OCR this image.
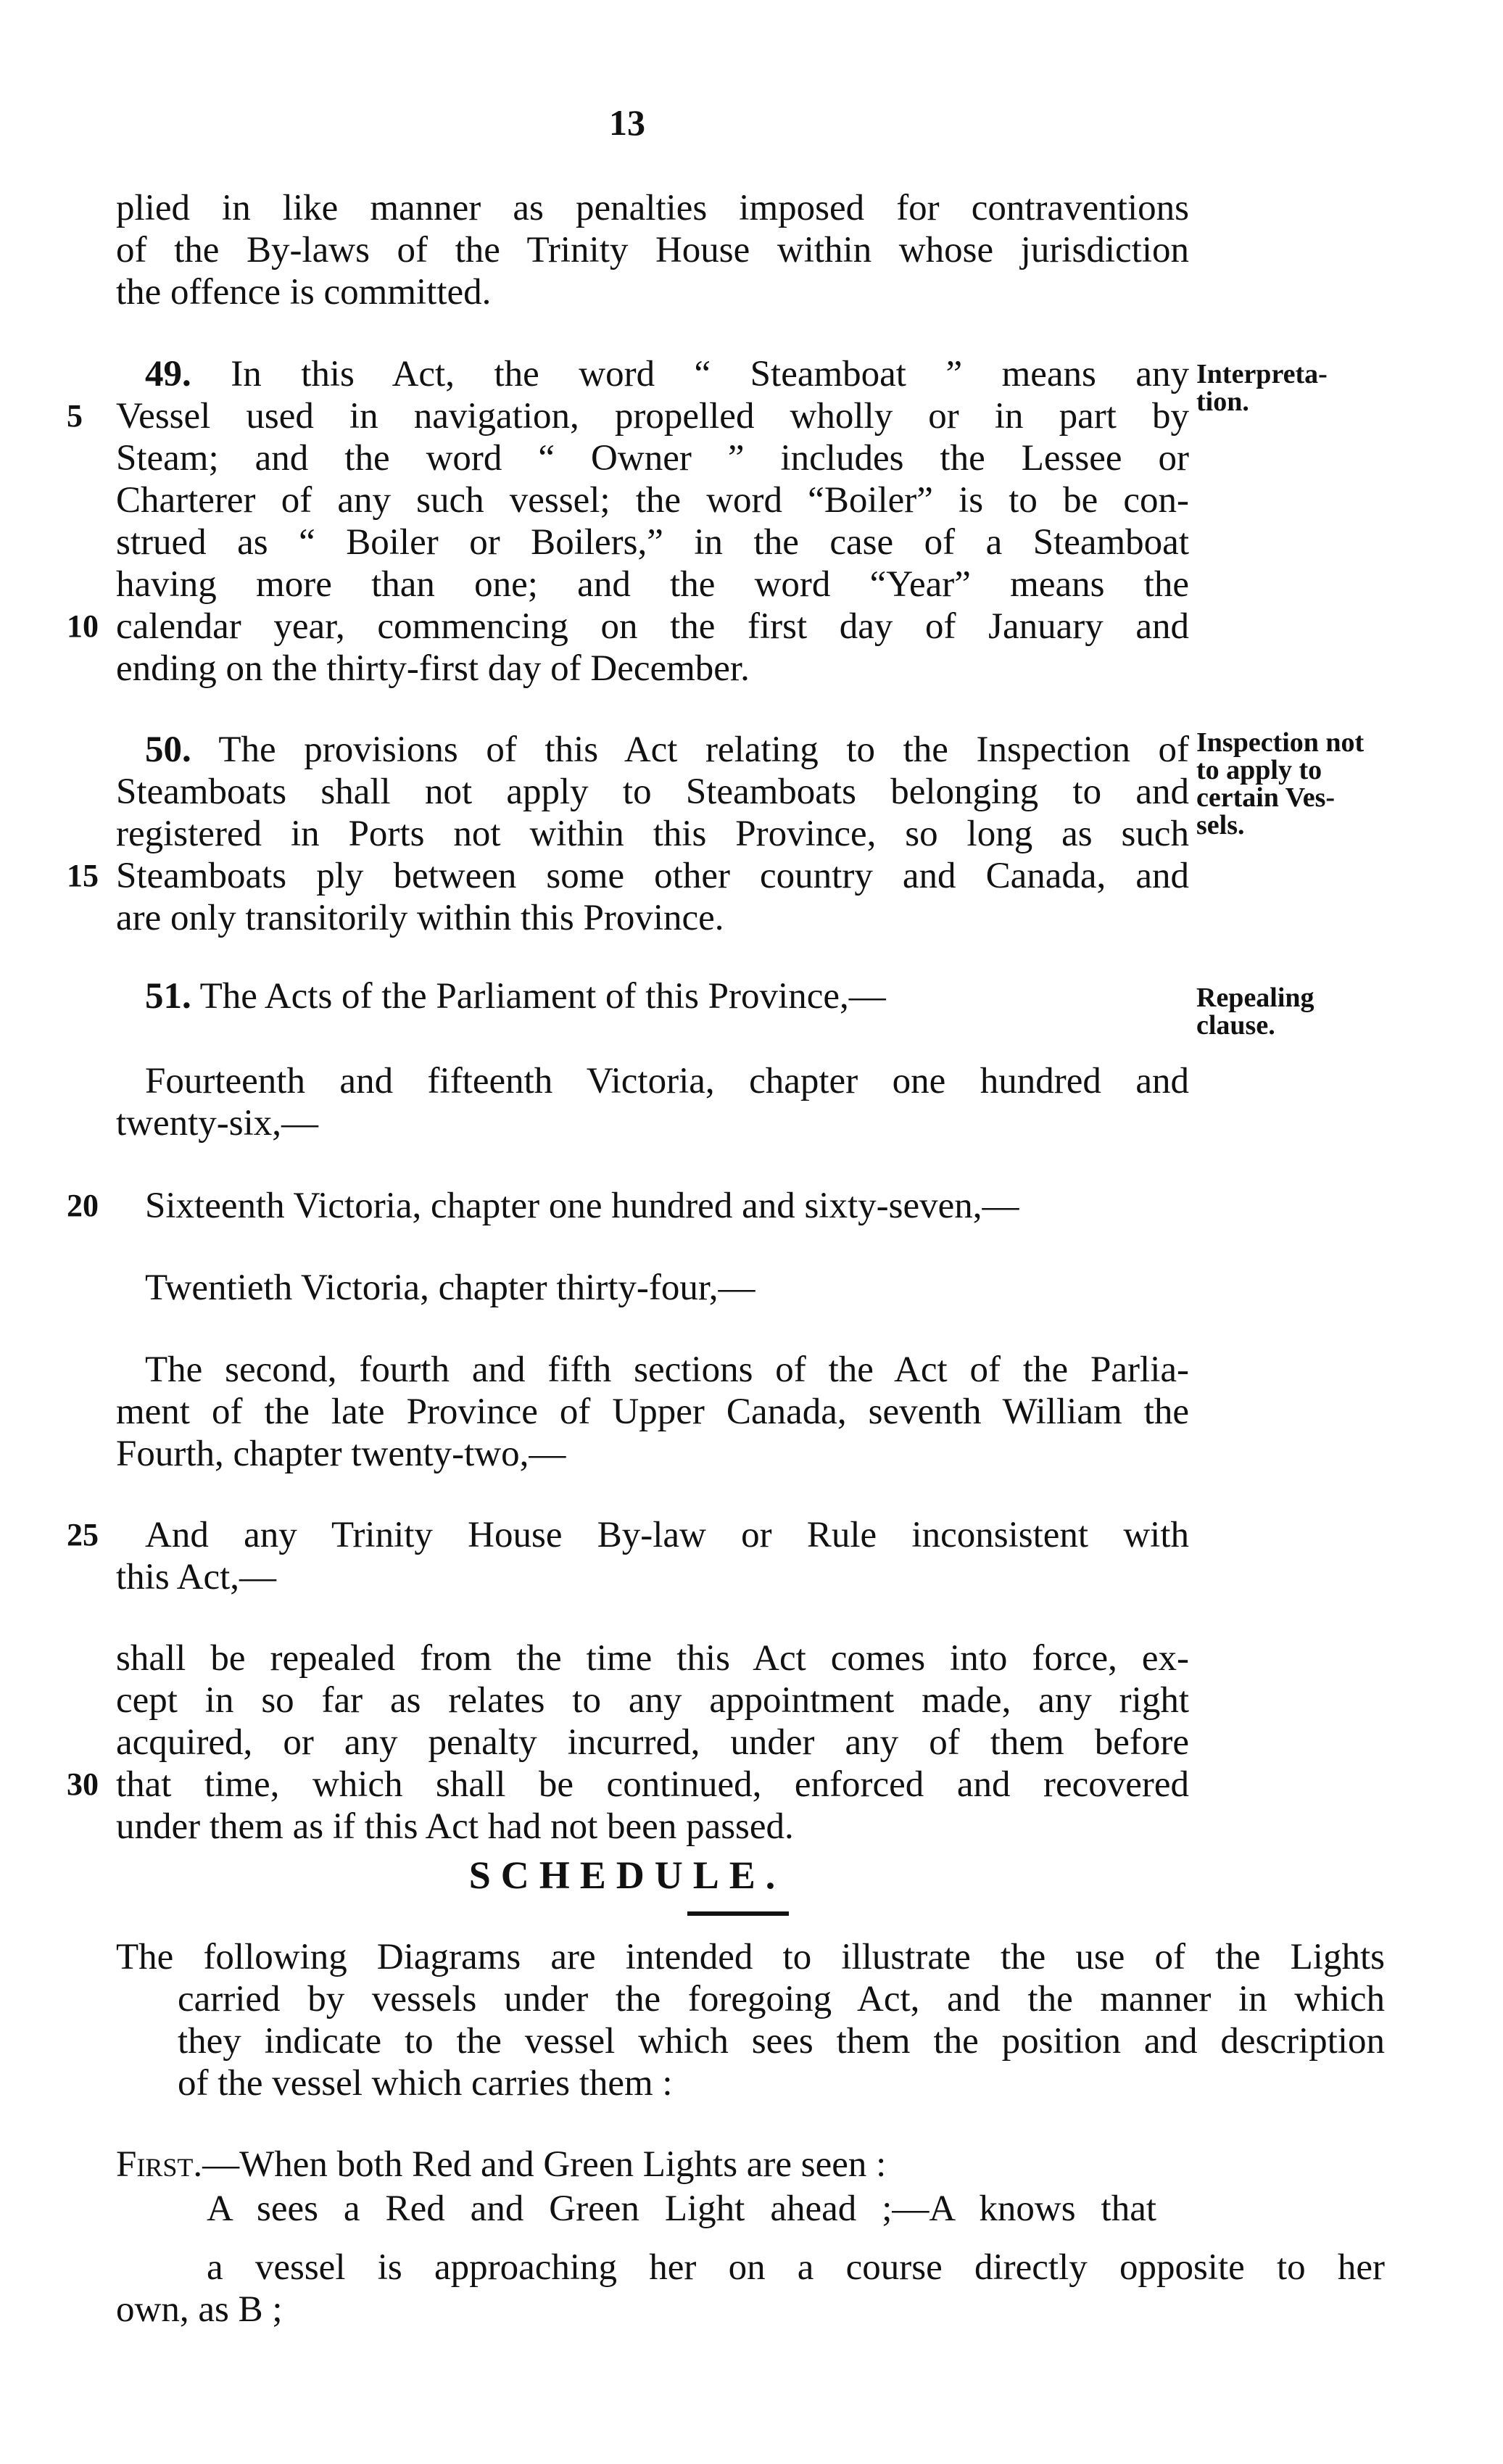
13
plied in like manner as penalties imposed for contraventions
of the By-laws of the Trinity House within whose jurisdiction
the offence is committed.
49. In this Act, the word “ Steamboat ” means any Interpreta-
tion.
5 Vessel used in navigation, propelled wholly or in part by
Steam; and the word “ Owner ” includes the Lessee or
Charterer of any such vessel; the word “Boiler” is to be con-
strued as “ Boiler or Boilers,” in the case of a Steamboat
having more than one; and the word “Year” means the
10 calendar year, commencing on the first day of January and
ending on the thirty-first day of December.
50. The provisions of this Act relating to the Inspection of Inspection not
to apply to
certain Ves-
sels.
Steamboats shall not apply to Steamboats belonging to and
registered in Ports not within this Province, so long as such
15 Steamboats ply between some other country and Canada, and
are only transitorily within this Province.
51. The Acts of the Parliament of this Province,—	Repealing
clause.
Fourteenth and fifteenth Victoria, chapter one hundred and
twenty-six,—
20 Sixteenth Victoria, chapter one hundred and sixty-seven,—
Twentieth Victoria, chapter thirty-four,—
The second, fourth and fifth sections of the Act of the Parlia-
ment of the late Province of Upper Canada, seventh William the
Fourth, chapter twenty-two,—
25 And any Trinity House By-law or Rule inconsistent with
this Act,—
shall be repealed from the time this Act comes into force, ex-
cept in so far as relates to any appointment made, any right
acquired, or any penalty incurred, under any of them before
30 that time, which shall be continued, enforced and recovered
under them as if this Act had not been passed.
SCHEDULE.
The following Diagrams are intended to illustrate the use of the Lights
carried by vessels under the foregoing Act, and the manner in which
they indicate to the vessel which sees them the position and description
of the vessel which carries them :
First.—When both Red and Green Lights are seen :
A sees a Red and Green Light ahead ;—A knows that
a vessel is approaching her on a course directly opposite to her
own, as B ;
